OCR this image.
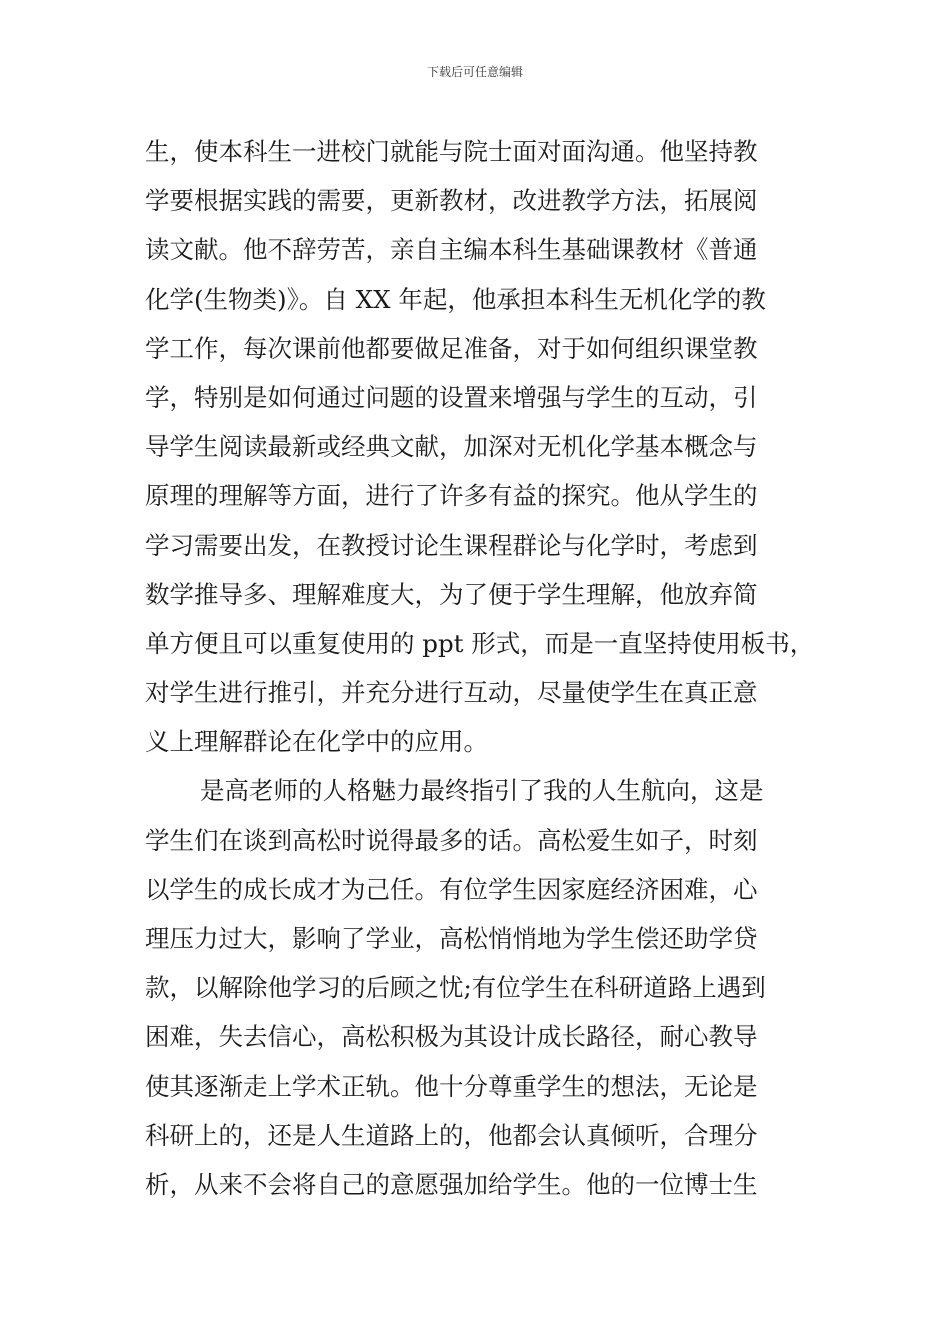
下载后可任意编辑
生，使本科生一进校门就能与院士面对面沟通。他坚持教
学要根据实践的需要，更新教材，改进教学方法，拓展阅
读文献。他不辞劳苦，亲自主编本科生基础课教材《普通
化学(生物类)》。自 XX 年起，他承担本科生无机化学的教
学工作，每次课前他都要做足准备，对于如何组织课堂教
学，特别是如何通过问题的设置来增强与学生的互动，引
导学生阅读最新或经典文献，加深对无机化学基本概念与
原理的理解等方面，进行了许多有益的探究。他从学生的
学习需要出发，在教授讨论生课程群论与化学时，考虑到
数学推导多、理解难度大，为了便于学生理解，他放弃简
单方便且可以重复使用的 ppt 形式，而是一直坚持使用板书，
对学生进行推引，并充分进行互动，尽量使学生在真正意
义上理解群论在化学中的应用。
是高老师的人格魅力最终指引了我的人生航向，这是
学生们在谈到高松时说得最多的话。高松爱生如子，时刻
以学生的成长成才为己任。有位学生因家庭经济困难，心
理压力过大，影响了学业，高松悄悄地为学生偿还助学贷
款，以解除他学习的后顾之忧;有位学生在科研道路上遇到
困难，失去信心，高松积极为其设计成长路径，耐心教导
使其逐渐走上学术正轨。他十分尊重学生的想法，无论是
科研上的，还是人生道路上的，他都会认真倾听，合理分
析，从来不会将自己的意愿强加给学生。他的一位博士生
